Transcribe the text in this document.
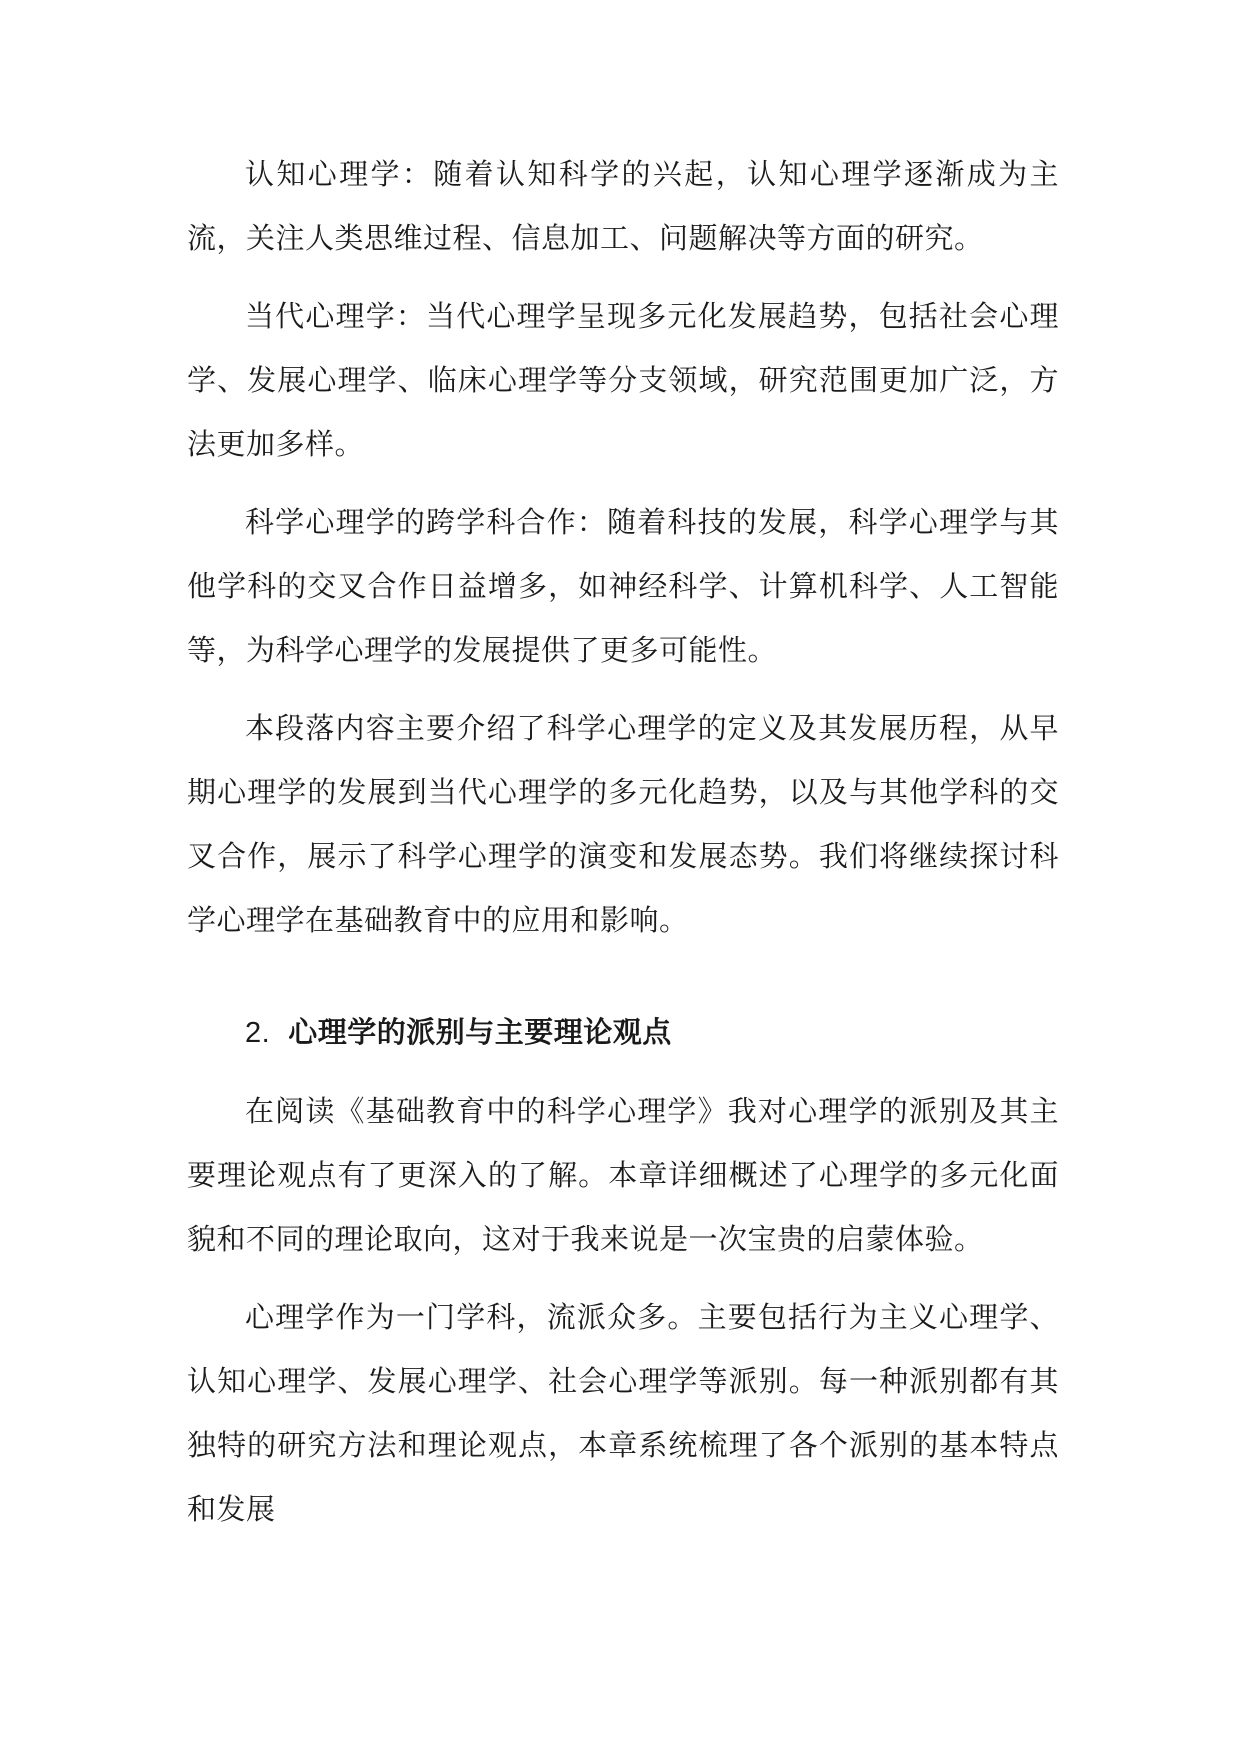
认知心理学：随着认知科学的兴起，认知心理学逐渐成为主流，关注人类思维过程、信息加工、问题解决等方面的研究。

当代心理学：当代心理学呈现多元化发展趋势，包括社会心理学、发展心理学、临床心理学等分支领域，研究范围更加广泛，方法更加多样。

科学心理学的跨学科合作：随着科技的发展，科学心理学与其他学科的交叉合作日益增多，如神经科学、计算机科学、人工智能等，为科学心理学的发展提供了更多可能性。

本段落内容主要介绍了科学心理学的定义及其发展历程，从早期心理学的发展到当代心理学的多元化趋势，以及与其他学科的交叉合作，展示了科学心理学的演变和发展态势。我们将继续探讨科学心理学在基础教育中的应用和影响。

2. 心理学的派别与主要理论观点

在阅读《基础教育中的科学心理学》我对心理学的派别及其主要理论观点有了更深入的了解。本章详细概述了心理学的多元化面貌和不同的理论取向，这对于我来说是一次宝贵的启蒙体验。

心理学作为一门学科，流派众多。主要包括行为主义心理学、认知心理学、发展心理学、社会心理学等派别。每一种派别都有其独特的研究方法和理论观点，本章系统梳理了各个派别的基本特点和发展
